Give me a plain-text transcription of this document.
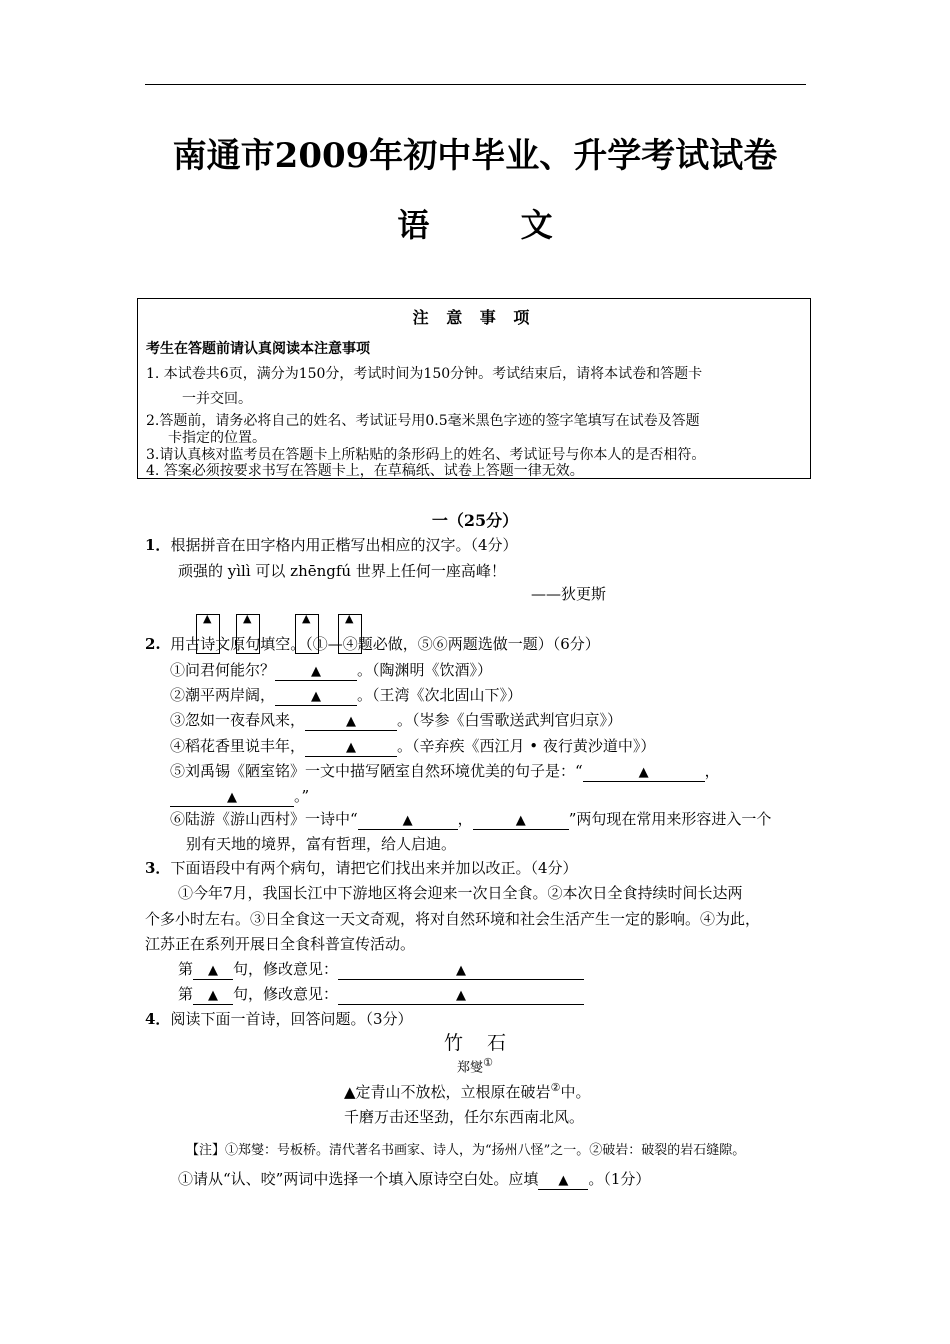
南通市2009年初中毕业、升学考试试卷
语 文
注 意 事 项
考生在答题前请认真阅读本注意事项
1. 本试卷共6页，满分为150分，考试时间为150分钟。考试结束后，请将本试卷和答题卡
一并交回。
2.答题前，请务必将自己的姓名、考试证号用0.5毫米黑色字迹的签字笔填写在试卷及答题
卡指定的位置。
3.请认真核对监考员在答题卡上所粘贴的条形码上的姓名、考试证号与你本人的是否相符。
4. 答案必须按要求书写在答题卡上，在草稿纸、试卷上答题一律无效。
一（25分）
1．根据拼音在田字格内用正楷写出相应的汉字。（4分）
顽强的 yìlì 可以 zhēngfú 世界上任何一座高峰！
——狄更斯
▲	▲	▲	▲
2. 用古诗文原句填空。（①—④题必做，⑤⑥两题选做一题）（6分）
①问君何能尔？	▲ 。（陶渊明《饮酒》）
②潮平两岸阔，	▲ 。（王湾《次北固山下》）
③忽如一夜春风来，	▲	。（岑参《白雪歌送武判官归京》）
④稻花香里说丰年，	▲	。（辛弃疾《西江月 • 夜行黄沙道中》）
⑤刘禹锡《陋室铭》一文中描写陋室自然环境优美的句子是：“	▲	，
▲	。”
⑥陆游《游山西村》一诗中“	▲	，	▲	”两句现在常用来形容进入一个
别有天地的境界，富有哲理，给人启迪。
3．下面语段中有两个病句，请把它们找出来并加以改正。（4分）
①今年7月，我国长江中下游地区将会迎来一次日全食。②本次日全食持续时间长达两
个多小时左右。③日全食这一天文奇观，将对自然环境和社会生活产生一定的影响。④为此，
江苏正在系列开展日全食科普宣传活动。
第 ▲ 句，修改意见：	▲
第 ▲ 句，修改意见：	▲
4．阅读下面一首诗，回答问题。（3分）
竹石
郑燮①
▲定青山不放松，立根原在破岩②中。
千磨万击还坚劲，任尔东西南北风。
【注】①郑燮：号板桥。清代著名书画家、诗人，为“扬州八怪”之一。②破岩：破裂的岩石缝隙。
①请从“认、咬”两词中选择一个填入原诗空白处。应填 ▲ 。（1分）
